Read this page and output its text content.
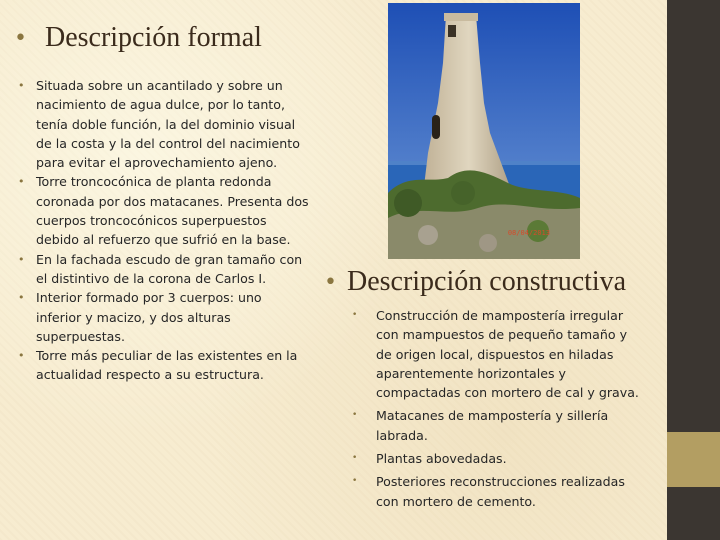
• Descripción formal
• Situada sobre un acantilado y sobre un nacimiento de agua dulce, por lo tanto, tenía doble función, la del dominio visual de la costa y la del control del nacimiento para evitar el aprovechamiento ajeno.
• Torre troncocónica de planta redonda coronada por dos matacanes. Presenta dos cuerpos troncocónicos superpuestos debido al refuerzo que sufrió en la base.
• En la fachada escudo de gran tamaño con el distintivo de la corona de Carlos I.
• Interior formado por 3 cuerpos: uno inferior y macizo, y dos alturas superpuestas.
• Torre más peculiar de las existentes en la actualidad respecto a su estructura.
08/04/2013
• Descripción constructiva
• Construcción de mampostería irregular con mampuestos de pequeño tamaño y de origen local, dispuestos en hiladas aparentemente horizontales y compactadas con mortero de cal y grava.
• Matacanes de mampostería y sillería labrada.
• Plantas abovedadas.
• Posteriores reconstrucciones realizadas con mortero de cemento.
